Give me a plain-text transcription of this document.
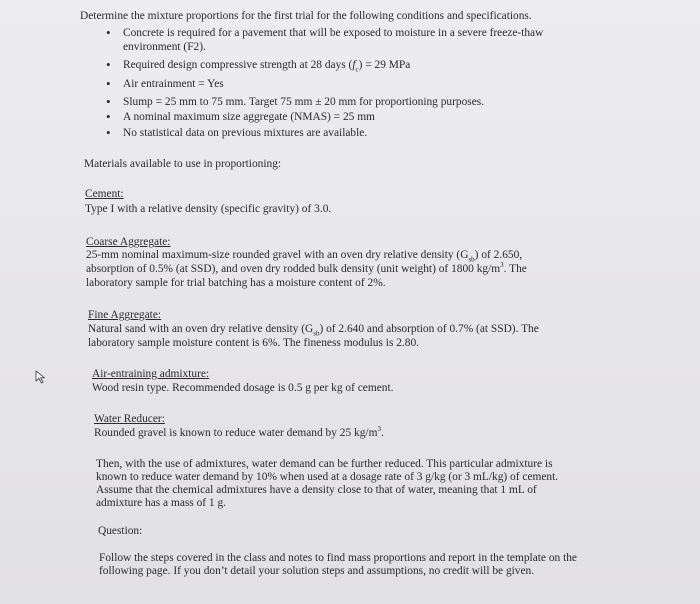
Determine the mixture proportions for the first trial for the following conditions and specifications.
• Concrete is required for a pavement that will be exposed to moisture in a severe freeze-thaw
environment (F2).
• Required design compressive strength at 28 days $(f_c) = 29$ MPa
• Air entrainment = Yes
• Slump = 25 mm to 75 mm. Target 75 mm ± 20 mm for proportioning purposes.
• A nominal maximum size aggregate (NMAS) = 25 mm
• No statistical data on previous mixtures are available.
Materials available to use in proportioning:
Cement:
Type I with a relative density (specific gravity) of 3.0.
Coarse Aggregate:
25-mm nominal maximum-size rounded gravel with an oven dry relative density $(G_{sb})$ of 2.650,
absorption of 0.5% (at SSD), and oven dry rodded bulk density (unit weight) of 1800 $kg/m^3$. The
laboratory sample for trial batching has a moisture content of 2%.
Fine Aggregate:
Natural sand with an oven dry relative density $(G_{sb})$ of 2.640 and absorption of 0.7% (at SSD). The
laboratory sample moisture content is 6%. The fineness modulus is 2.80.
Air-entraining admixture:
Wood resin type. Recommended dosage is 0.5 g per kg of cement.
Water Reducer:
Rounded gravel is known to reduce water demand by 25 $kg/m^3$.
Then, with the use of admixtures, water demand can be further reduced. This particular admixture is
known to reduce water demand by 10% when used at a dosage rate of 3 g/kg (or 3 mL/kg) of cement.
Assume that the chemical admixtures have a density close to that of water, meaning that 1 mL of
admixture has a mass of 1 g.
Question:
Follow the steps covered in the class and notes to find mass proportions and report in the template on the
following page. If you don’t detail your solution steps and assumptions, no credit will be given.
